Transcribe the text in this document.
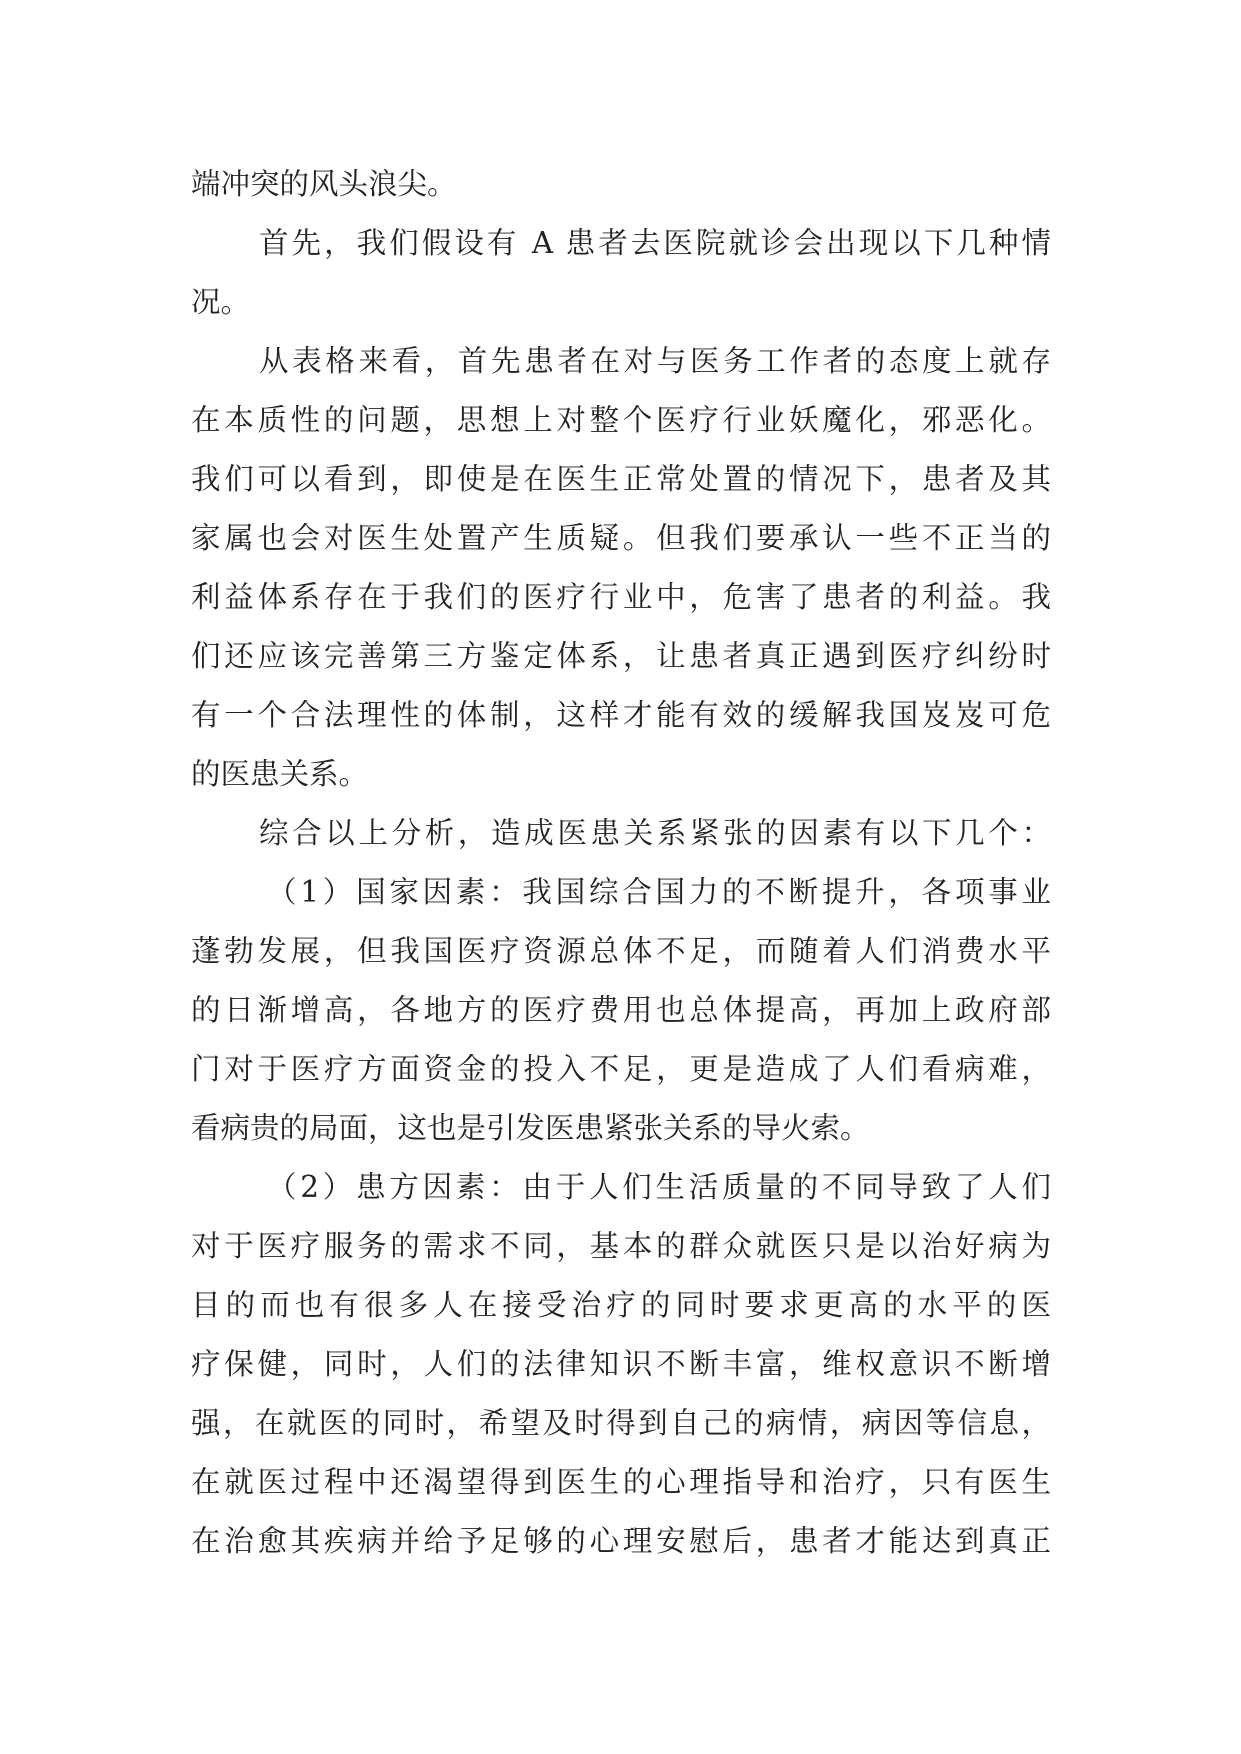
端冲突的风头浪尖。
首先，我们假设有 A 患者去医院就诊会出现以下几种情
况。
从表格来看，首先患者在对与医务工作者的态度上就存
在本质性的问题，思想上对整个医疗行业妖魔化，邪恶化。
我们可以看到，即使是在医生正常处置的情况下，患者及其
家属也会对医生处置产生质疑。但我们要承认一些不正当的
利益体系存在于我们的医疗行业中，危害了患者的利益。我
们还应该完善第三方鉴定体系，让患者真正遇到医疗纠纷时
有一个合法理性的体制，这样才能有效的缓解我国岌岌可危
的医患关系。
综合以上分析，造成医患关系紧张的因素有以下几个：
（1）国家因素：我国综合国力的不断提升，各项事业
蓬勃发展，但我国医疗资源总体不足，而随着人们消费水平
的日渐增高，各地方的医疗费用也总体提高，再加上政府部
门对于医疗方面资金的投入不足，更是造成了人们看病难，
看病贵的局面，这也是引发医患紧张关系的导火索。
（2）患方因素：由于人们生活质量的不同导致了人们
对于医疗服务的需求不同，基本的群众就医只是以治好病为
目的而也有很多人在接受治疗的同时要求更高的水平的医
疗保健，同时，人们的法律知识不断丰富，维权意识不断增
强，在就医的同时，希望及时得到自己的病情，病因等信息，
在就医过程中还渴望得到医生的心理指导和治疗，只有医生
在治愈其疾病并给予足够的心理安慰后，患者才能达到真正
